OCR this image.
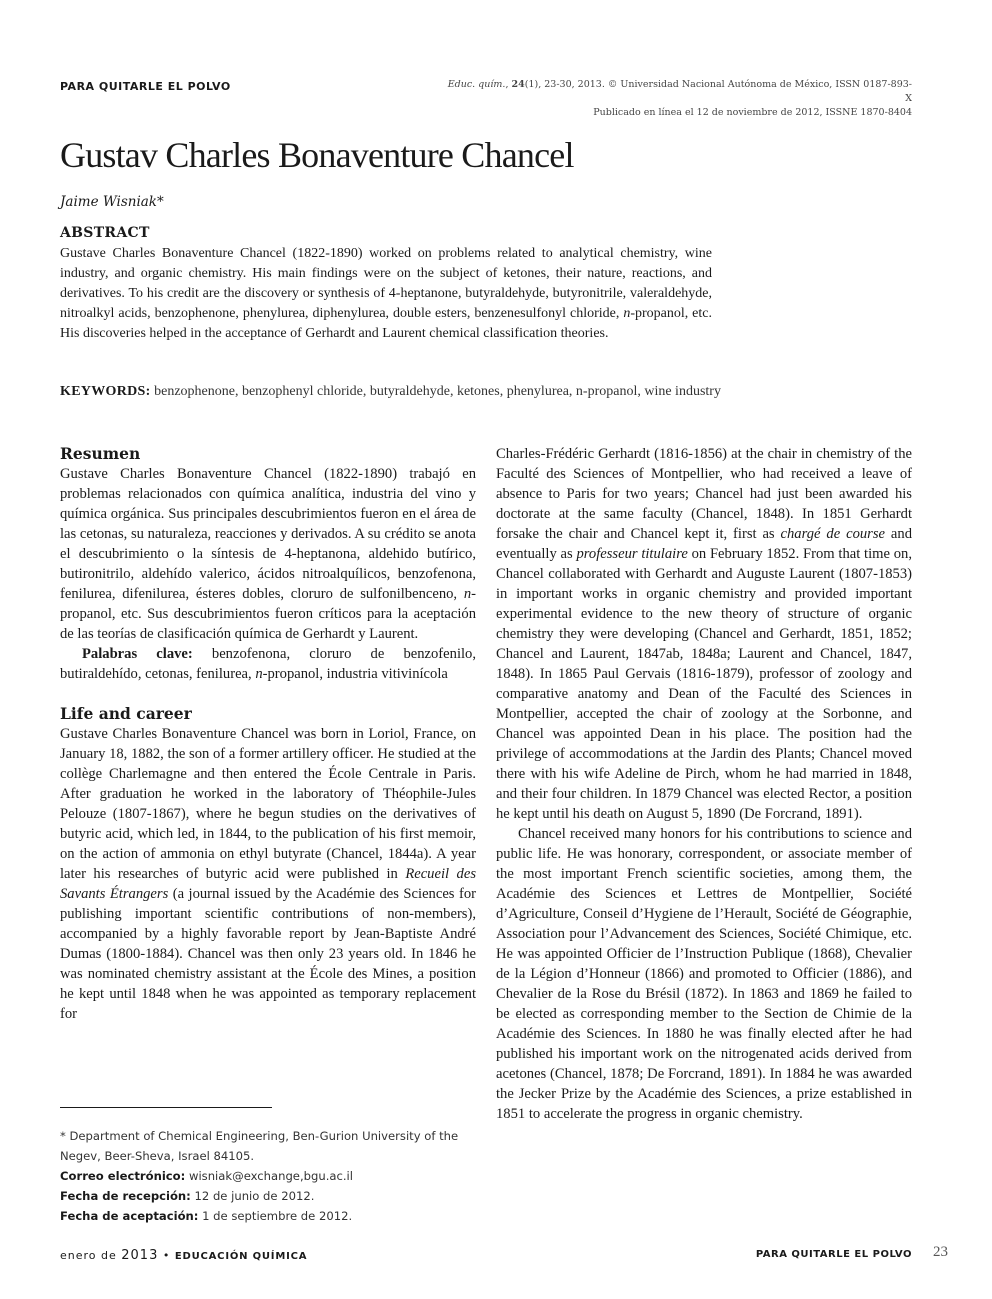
PARA QUITARLE EL POLVO	Educ. quím., 24(1), 23-30, 2013. © Universidad Nacional Autónoma de México, ISSN 0187-893-X
Publicado en línea el 12 de noviembre de 2012, ISSNE 1870-8404
Gustav Charles Bonaventure Chancel
Jaime Wisniak*
ABSTRACT
Gustave Charles Bonaventure Chancel (1822-1890) worked on problems related to analytical chemistry, wine industry, and organic chemistry. His main findings were on the subject of ketones, their nature, reactions, and derivatives. To his credit are the discovery or synthesis of 4-heptanone, butyraldehyde, butyronitrile, valeraldehyde, nitroalkyl acids, benzophenone, phenylurea, diphenylurea, double esters, benzenesulfonyl chloride, n-propanol, etc. His discoveries helped in the acceptance of Gerhardt and Laurent chemical classification theories.
KEYWORDS: benzophenone, benzophenyl chloride, butyraldehyde, ketones, phenylurea, n-propanol, wine industry
Resumen

Gustave Charles Bonaventure Chancel (1822-1890) trabajó en problemas relacionados con química analítica, industria del vino y química orgánica. Sus principales descubrimientos fueron en el área de las cetonas, su naturaleza, reacciones y derivados. A su crédito se anota el descubrimiento o la síntesis de 4-heptanona, aldehido butírico, butironitrilo, aldehído valerico, ácidos nitroalquílicos, benzofenona, fenilurea, difenilurea, ésteres dobles, cloruro de sulfonilbenceno, n-propanol, etc. Sus descubrimientos fueron críticos para la aceptación de las teorías de clasificación química de Gerhardt y Laurent.

Palabras clave: benzofenona, cloruro de benzofenilo, butiraldehído, cetonas, fenilurea, n-propanol, industria vitivinícola

Life and career

Gustave Charles Bonaventure Chancel was born in Loriol, France, on January 18, 1882, the son of a former artillery officer. He studied at the collège Charlemagne and then entered the École Centrale in Paris. After graduation he worked in the laboratory of Théophile-Jules Pelouze (1807-1867), where he begun studies on the derivatives of butyric acid, which led, in 1844, to the publication of his first memoir, on the action of ammonia on ethyl butyrate (Chancel, 1844a). A year later his researches of butyric acid were published in Recueil des Savants Étrangers (a journal issued by the Académie des Sciences for publishing important scientific contributions of non-members), accompanied by a highly favorable report by Jean-Baptiste André Dumas (1800-1884). Chancel was then only 23 years old. In 1846 he was nominated chemistry assistant at the École des Mines, a position he kept until 1848 when he was appointed as temporary replacement for

Charles-Frédéric Gerhardt (1816-1856) at the chair in chemistry of the Faculté des Sciences of Montpellier, who had received a leave of absence to Paris for two years; Chancel had just been awarded his doctorate at the same faculty (Chancel, 1848). In 1851 Gerhardt forsake the chair and Chancel kept it, first as chargé de course and eventually as professeur titulaire on February 1852. From that time on, Chancel collaborated with Gerhardt and Auguste Laurent (1807-1853) in important works in organic chemistry and provided important experimental evidence to the new theory of structure of organic chemistry they were developing (Chancel and Gerhardt, 1851, 1852; Chancel and Laurent, 1847ab, 1848a; Laurent and Chancel, 1847, 1848). In 1865 Paul Gervais (1816-1879), professor of zoology and comparative anatomy and Dean of the Faculté des Sciences in Montpellier, accepted the chair of zoology at the Sorbonne, and Chancel was appointed Dean in his place. The position had the privilege of accommodations at the Jardin des Plants; Chancel moved there with his wife Adeline de Pirch, whom he had married in 1848, and their four children. In 1879 Chancel was elected Rector, a position he kept until his death on August 5, 1890 (De Forcrand, 1891).

Chancel received many honors for his contributions to science and public life. He was honorary, correspondent, or associate member of the most important French scientific societies, among them, the Académie des Sciences et Lettres de Montpellier, Société d’Agriculture, Conseil d’Hygiene de l’Herault, Société de Géographie, Association pour l’Advancement des Sciences, Société Chimique, etc. He was appointed Officier de l’Instruction Publique (1868), Chevalier de la Légion d’Honneur (1866) and promoted to Officier (1886), and Chevalier de la Rose du Brésil (1872). In 1863 and 1869 he failed to be elected as corresponding member to the Section de Chimie de la Académie des Sciences. In 1880 he was finally elected after he had published his important work on the nitrogenated acids derived from acetones (Chancel, 1878; De Forcrand, 1891). In 1884 he was awarded the Jecker Prize by the Académie des Sciences, a prize established in 1851 to accelerate the progress in organic chemistry.

* Department of Chemical Engineering, Ben-Gurion University of the Negev, Beer-Sheva, Israel 84105.
Correo electrónico: wisniak@exchange,bgu.ac.il
Fecha de recepción: 12 de junio de 2012.
Fecha de aceptación: 1 de septiembre de 2012.
enero de 2013 • EDUCACIÓN QUÍMICA	PARA QUITARLE EL POLVO 23
